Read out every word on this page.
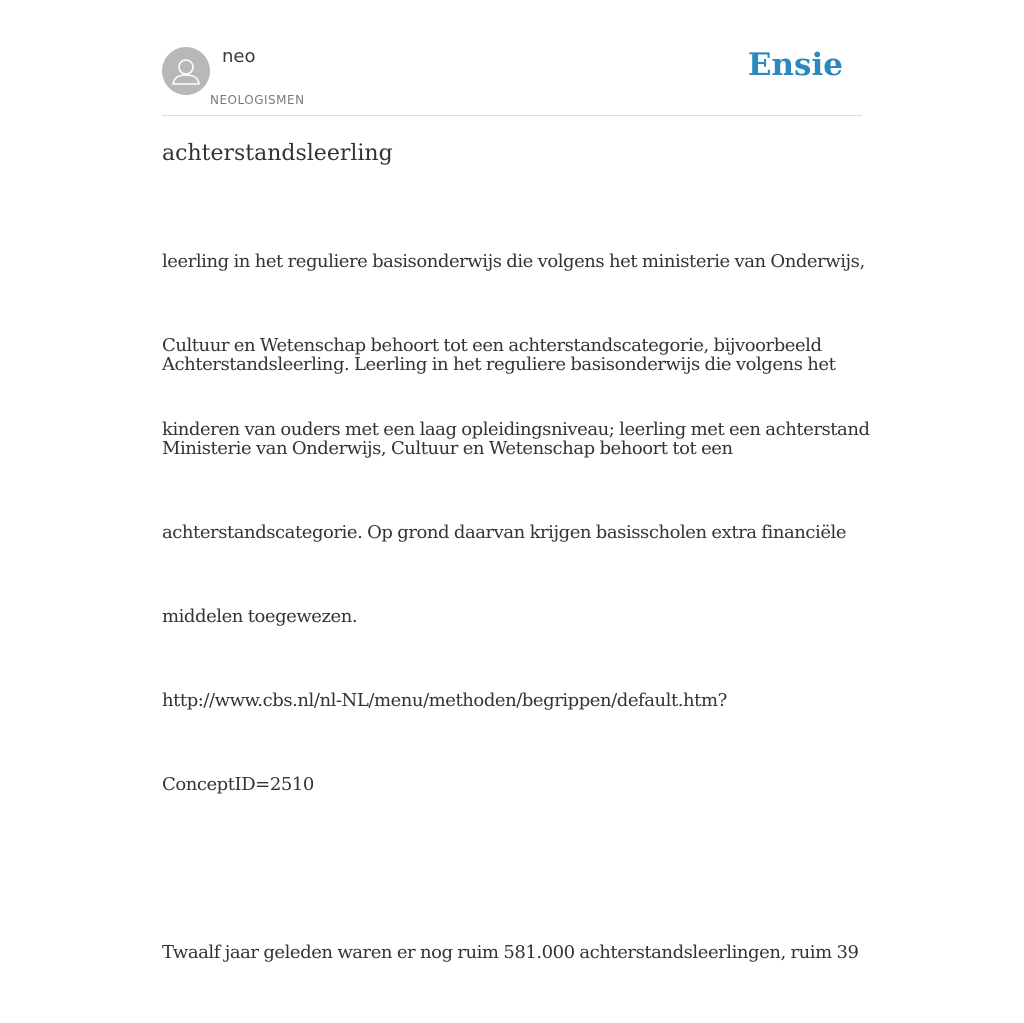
neo
NEOLOGISMEN
Ensie
achterstandsleerling

leerling in het reguliere basisonderwijs die volgens het ministerie van Onderwijs,

Cultuur en Wetenschap behoort tot een achterstandscategorie, bijvoorbeeld

kinderen van ouders met een laag opleidingsniveau; leerling met een achterstand

Achterstandsleerling. Leerling in het reguliere basisonderwijs die volgens het

Ministerie van Onderwijs, Cultuur en Wetenschap behoort tot een

achterstandscategorie. Op grond daarvan krijgen basisscholen extra financiële

middelen toegewezen.

http://www.cbs.nl/nl-NL/menu/methoden/begrippen/default.htm?

ConceptID=2510

Twaalf jaar geleden waren er nog ruim 581.000 achterstandsleerlingen, ruim 39
